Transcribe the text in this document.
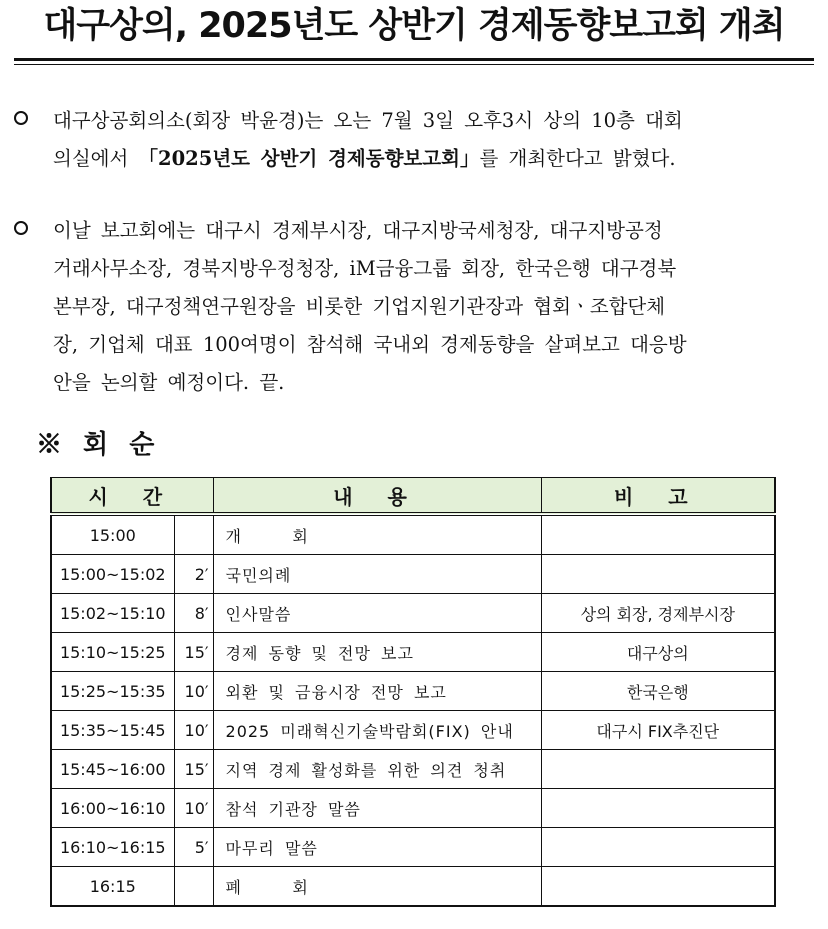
대구상의, 2025년도 상반기 경제동향보고회 개최
대구상공회의소(회장 박윤경)는 오는 7월 3일 오후3시 상의 10층 대회
의실에서 「2025년도 상반기 경제동향보고회」를 개최한다고 밝혔다.
이날 보고회에는 대구시 경제부시장, 대구지방국세청장, 대구지방공정
거래사무소장, 경북지방우정청장, iM금융그룹 회장, 한국은행 대구경북
본부장, 대구정책연구원장을 비롯한 기업지원기관장과 협회ㆍ조합단체
장, 기업체 대표 100여명이 참석해 국내외 경제동향을 살펴보고 대응방
안을 논의할 예정이다. 끝.
※ 회 순
시 간		내 용	비 고
15:00		개     회	
15:00~15:02	2′	국민의례	
15:02~15:10	8′	인사말씀	상의 회장, 경제부시장
15:10~15:25	15′	경제 동향 및 전망 보고	대구상의
15:25~15:35	10′	외환 및 금융시장 전망 보고	한국은행
15:35~15:45	10′	2025 미래혁신기술박람회(FIX) 안내	대구시 FIX추진단
15:45~16:00	15′	지역 경제 활성화를 위한 의견 청취	
16:00~16:10	10′	참석 기관장 말씀	
16:10~16:15	5′	마무리 말씀	
16:15		폐     회	
